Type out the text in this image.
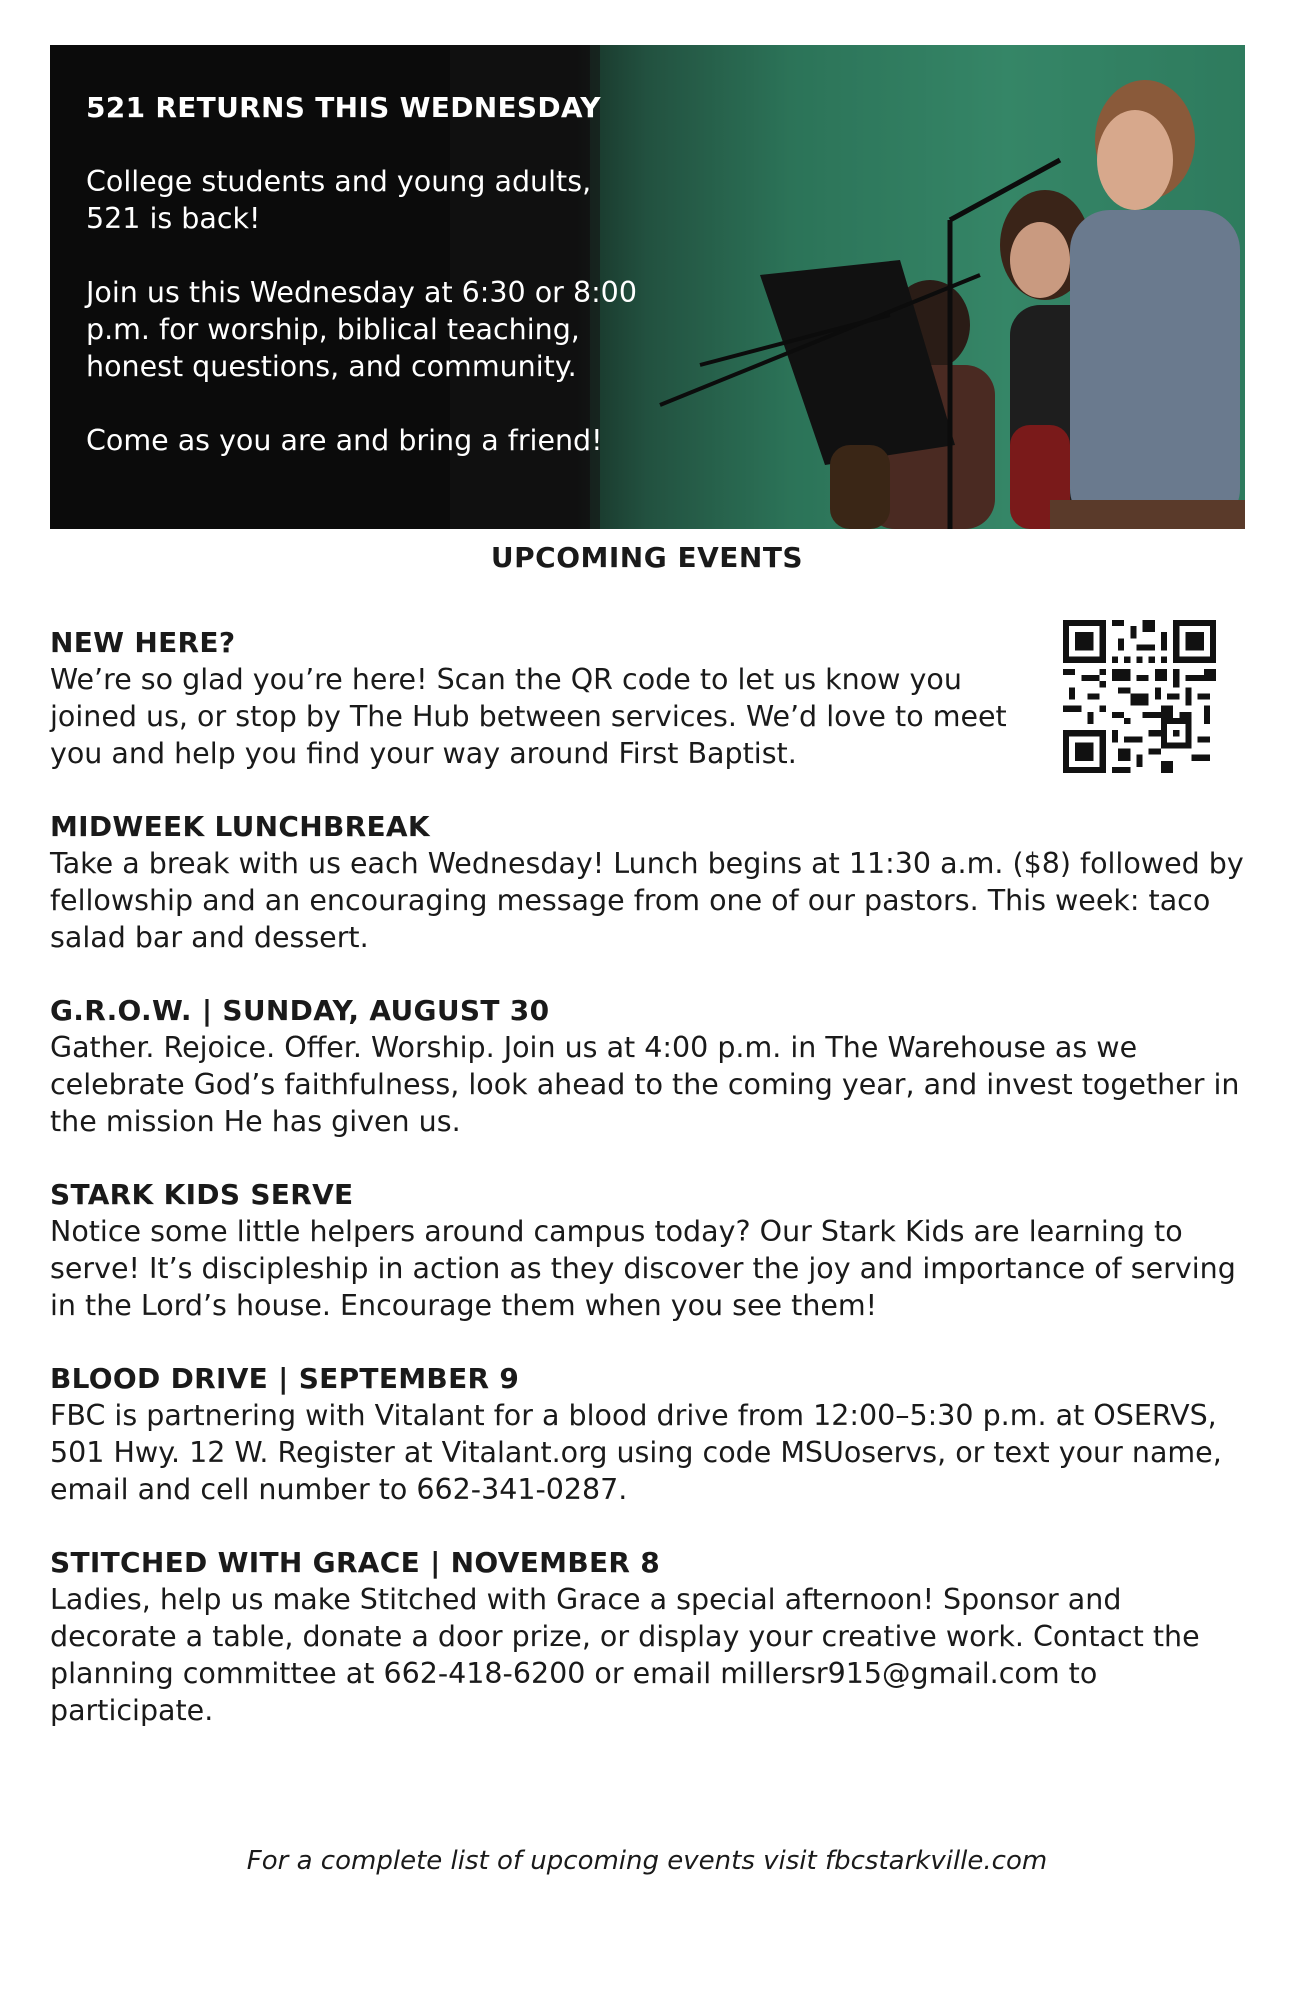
521 RETURNS THIS WEDNESDAY

College students and young adults, 521 is back!

Join us this Wednesday at 6:30 or 8:00 p.m. for worship, biblical teaching, honest questions, and community.

Come as you are and bring a friend!

UPCOMING EVENTS
NEW HERE?

We’re so glad you’re here! Scan the QR code to let us know you joined us, or stop by The Hub between services. We’d love to meet you and help you find your way around First Baptist.

MIDWEEK LUNCHBREAK

Take a break with us each Wednesday! Lunch begins at 11:30 a.m. ($8) followed by fellowship and an encouraging message from one of our pastors. This week: taco salad bar and dessert.

G.R.O.W. | SUNDAY, AUGUST 30

Gather. Rejoice. Offer. Worship. Join us at 4:00 p.m. in The Warehouse as we celebrate God’s faithfulness, look ahead to the coming year, and invest together in the mission He has given us.

STARK KIDS SERVE

Notice some little helpers around campus today? Our Stark Kids are learning to serve! It’s discipleship in action as they discover the joy and importance of serving in the Lord’s house. Encourage them when you see them!

BLOOD DRIVE | SEPTEMBER 9

FBC is partnering with Vitalant for a blood drive from 12:00–5:30 p.m. at OSERVS, 501 Hwy. 12 W. Register at Vitalant.org using code MSUoservs, or text your name, email and cell number to 662-341-0287.

STITCHED WITH GRACE | NOVEMBER 8

Ladies, help us make Stitched with Grace a special afternoon! Sponsor and decorate a table, donate a door prize, or display your creative work. Contact the planning committee at 662-418-6200 or email millersr915@gmail.com to participate.

For a complete list of upcoming events visit fbcstarkville.com
